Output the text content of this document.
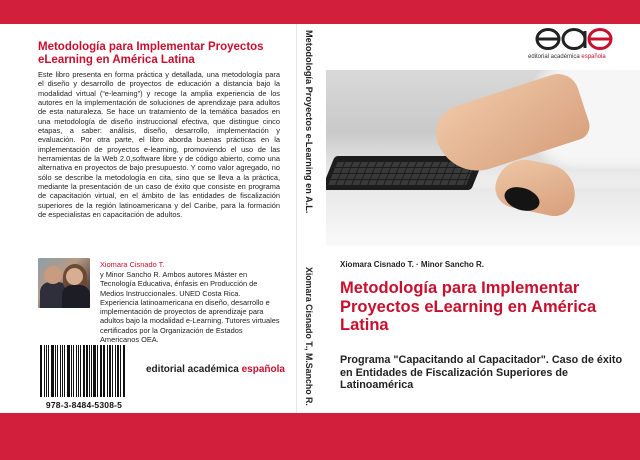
Metodología para Implementar Proyectos eLearning en América Latina
Este libro presenta en forma práctica y detallada, una metodología para el diseño y desarrollo de proyectos de educación a distancia bajo la modalidad virtual (“e-learning”) y recoge la amplia experiencia de los autores en la implementación de soluciones de aprendizaje para adultos de esta naturaleza. Se hace un tratamiento de la temática basados en una metodología de diseño instruccional efectiva, que distingue cinco etapas, a saber: análisis, diseño, desarrollo, implementación y evaluación. Por otra parte, el libro aborda buenas prácticas en la implementación de proyectos e-learning, promoviendo el uso de las herramientas de la Web 2.0,software libre y de código abierto, como una alternativa en proyectos de bajo presupuesto. Y como valor agregado, no sólo se describe la metodología en cita, sino que se lleva a la práctica, mediante la presentación de un caso de éxito que consiste en programa de capacitación virtual, en el ámbito de las entidades de fiscalización superiores de la región latinoamericana y del Caribe, para la formación de especialistas en capacitación de adultos.
Xiomara Cisnado T.
y Minor Sancho R. Ambos autores Máster en Tecnología Educativa, énfasis en Producción de Medios Instruccionales. UNED Costa Rica. Experiencia latinoamericana en diseño, desarrollo e implementación de proyectos de aprendizaje para adultos bajo la modalidad e-Learning. Tutores virtuales certificados por la Organización de Estados Americanos OEA.
978-3-8484-5308-5
editorial académica española
Metodología Proyectos e-Learning en A.L.
Xiomara Cisnado T., M.Sancho R.
editorial académica española
Xiomara Cisnado T. · Minor Sancho R.
Metodología para Implementar Proyectos eLearning en América Latina
Programa "Capacitando al Capacitador". Caso de éxito en Entidades de Fiscalización Superiores de Latinoamérica
